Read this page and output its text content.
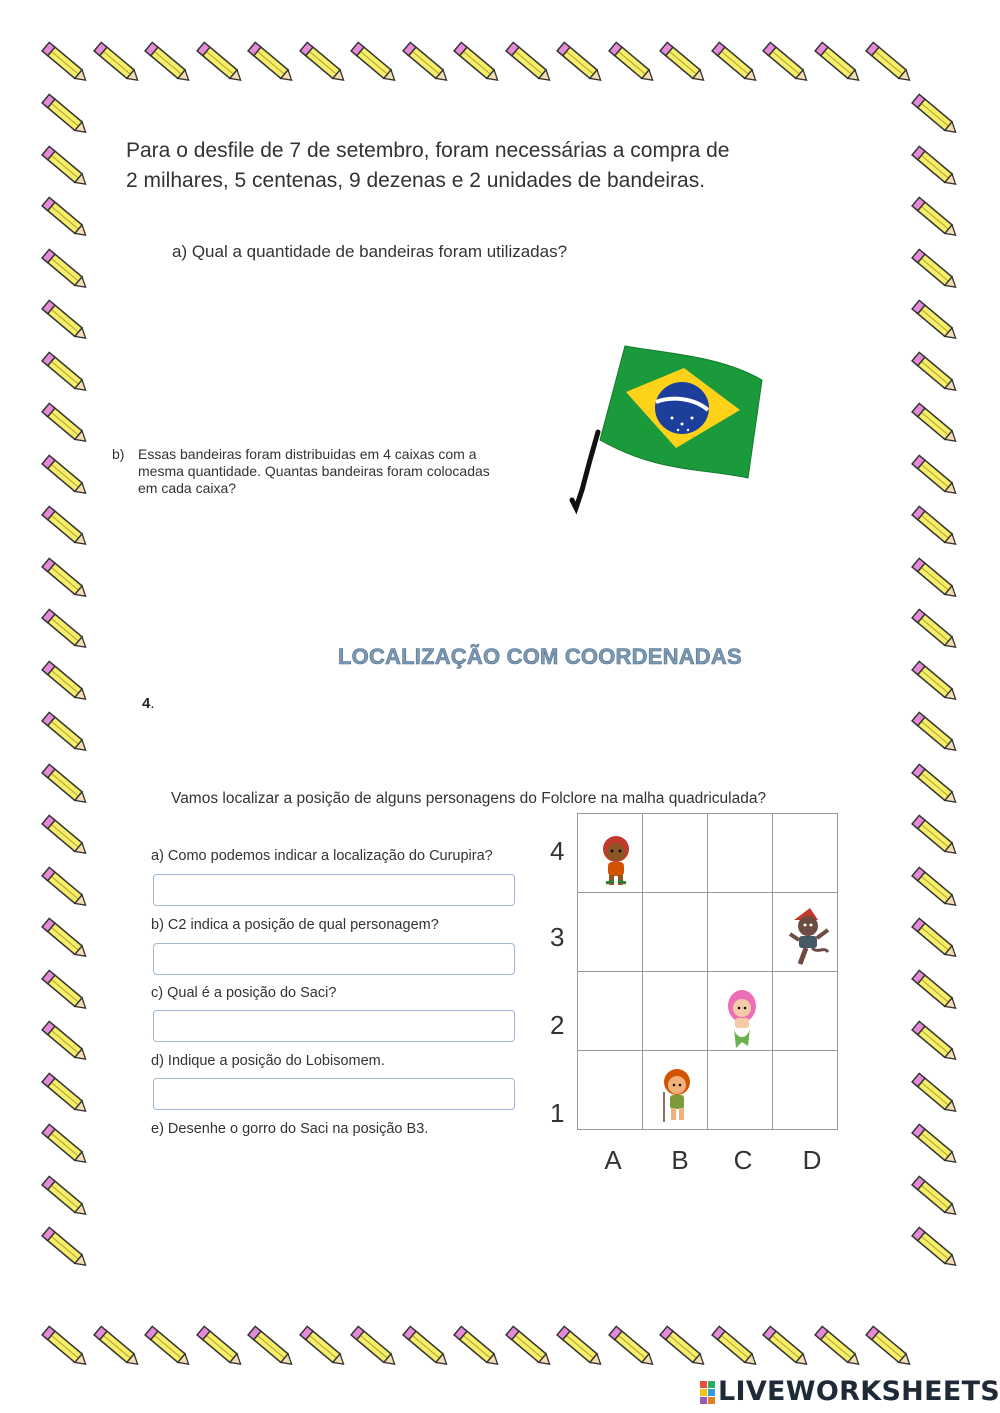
Para o desfile de 7 de setembro, foram necessárias a compra de
2 milhares, 5 centenas, 9 dezenas e 2 unidades de bandeiras.
a) Qual a quantidade de bandeiras foram utilizadas?
b) Essas bandeiras foram distribuidas em 4 caixas com a
mesma quantidade. Quantas bandeiras foram colocadas
em cada caixa?
LOCALIZAÇÃO COM COORDENADAS
4.
Vamos localizar a posição de alguns personagens do Folclore na malha quadriculada?
a) Como podemos indicar a localização do Curupira?
b) C2 indica a posição de qual personagem?
c) Qual é a posição do Saci?
d) Indique a posição do Lobisomem.
e) Desenhe o gorro do Saci na posição B3.

4
3
2
1
A B C D
LIVEWORKSHEETS
